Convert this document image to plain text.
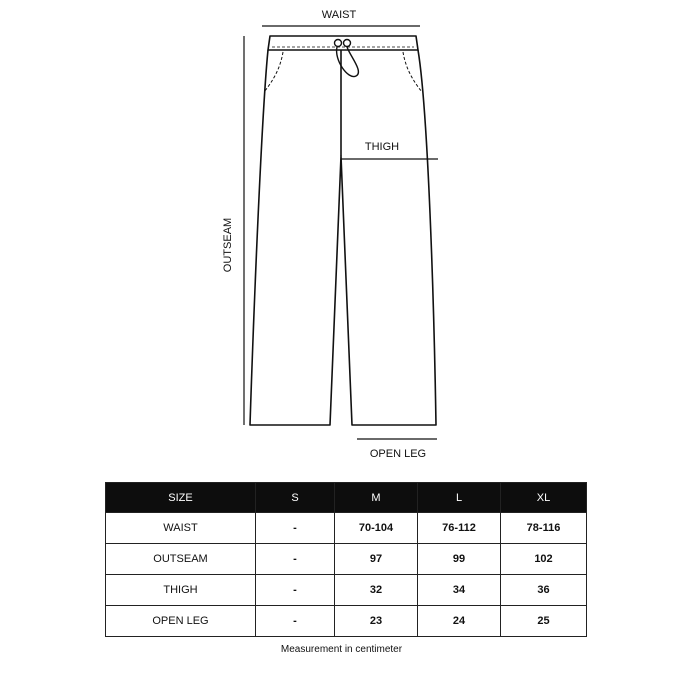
WAIST
THIGH
OUTSEAM
OPEN LEG
SIZE	S	M	L	XL
WAIST	-	70-104	76-112	78-116
OUTSEAM	-	97	99	102
THIGH	-	32	34	36
OPEN LEG	-	23	24	25
Measurement in centimeter
